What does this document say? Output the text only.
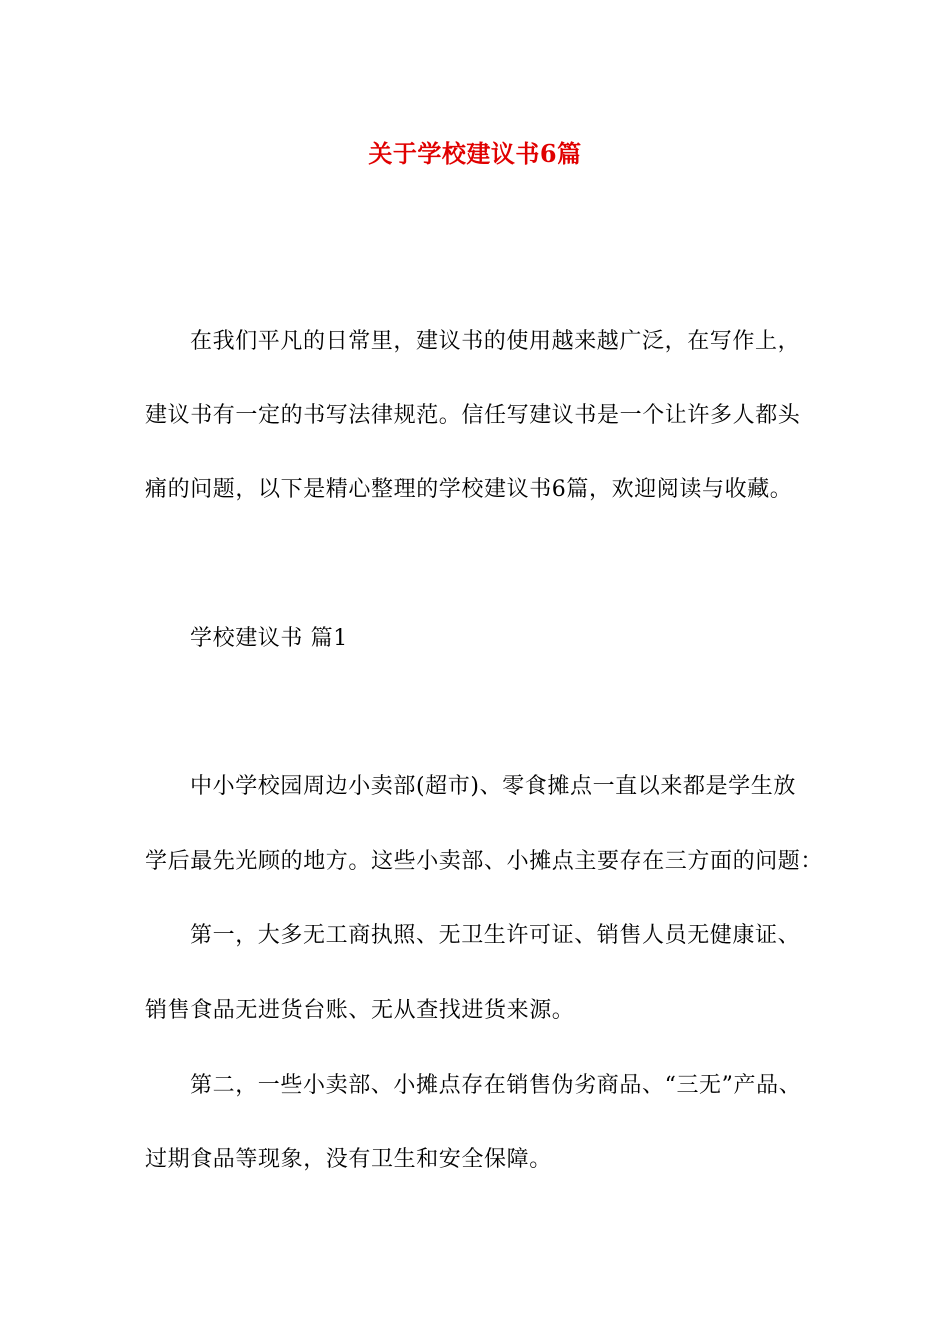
关于学校建议书6篇
在我们平凡的日常里，建议书的使用越来越广泛，在写作上，
建议书有一定的书写法律规范。信任写建议书是一个让许多人都头
痛的问题，以下是精心整理的学校建议书6篇，欢迎阅读与收藏。
学校建议书 篇1
中小学校园周边小卖部(超市)、零食摊点一直以来都是学生放
学后最先光顾的地方。这些小卖部、小摊点主要存在三方面的问题：
第一，大多无工商执照、无卫生许可证、销售人员无健康证、
销售食品无进货台账、无从查找进货来源。
第二，一些小卖部、小摊点存在销售伪劣商品、“三无”产品、
过期食品等现象，没有卫生和安全保障。
